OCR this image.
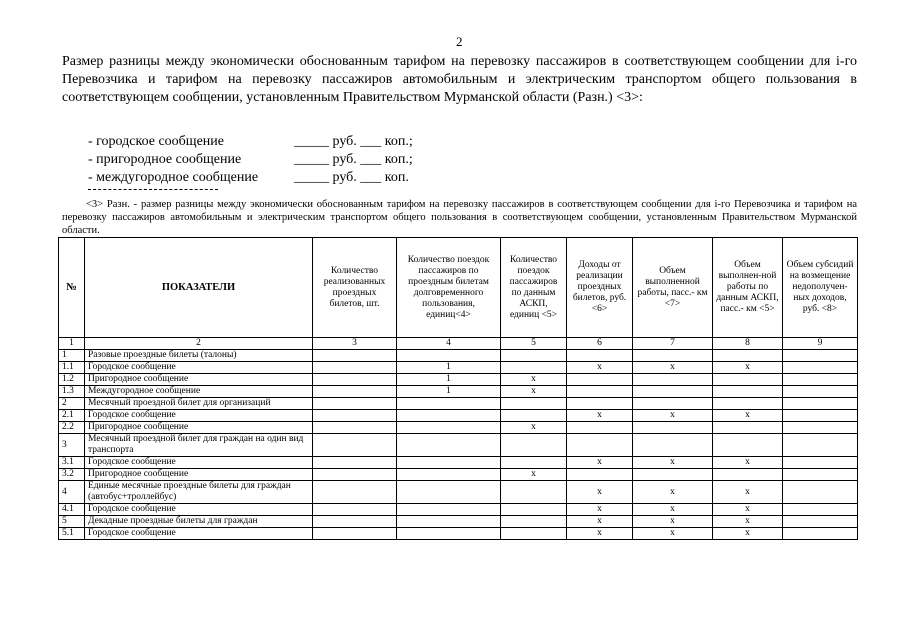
2
Размер разницы между экономически обоснованным тарифом на перевозку пассажиров в соответствующем сообщении для i-го Перевозчика и тарифом на перевозку пассажиров автомобильным и электрическим транспортом общего пользования в соответствующем сообщении, установленным Правительством Мурманской области (Разн.) <3>:
- городское сообщение	_____ руб. ___ коп.;
- пригородное сообщение	_____ руб. ___ коп.;
- междугородное сообщение	_____ руб. ___ коп.
<3> Разн. - размер разницы между экономически обоснованным тарифом на перевозку пассажиров в соответствующем сообщении для i-го Перевозчика и тарифом на перевозку пассажиров автомобильным и электрическим транспортом общего пользования в соответствующем сообщении, установленным Правительством Мурманской области.
№	ПОКАЗАТЕЛИ	Количество реализованных проездных билетов, шт.	Количество поездок пассажиров по проездным билетам долговременного пользования, единиц<4>	Количество поездок пассажиров по данным АСКП, единиц <5>	Доходы от реализации проездных билетов, руб. <6>	Объем выполненной работы, пасс.- км <7>	Объем выполнен-ной работы по данным АСКП, пасс.- км <5>	Объем субсидий на возмещение недополучен-ных доходов, руб. <8>
1	2	3	4	5	6	7	8	9
1	Разовые проездные билеты (талоны)							
1.1	Городское сообщение		1		х	х	х	
1.2	Пригородное сообщение		1	х				
1.3	Междугородное сообщение		1	х				
2	Месячный проездной билет для организаций							
2.1	Городское сообщение				х	х	х	
2.2	Пригородное сообщение			х				
3	Месячный проездной билет для граждан на один вид транспорта							
3.1	Городское сообщение				х	х	х	
3.2	Пригородное сообщение			х				
4	Единые месячные проездные билеты для граждан (автобус+троллейбус)				х	х	х	
4.1	Городское сообщение				х	х	х	
5	Декадные проездные билеты для граждан				х	х	х	
5.1	Городское сообщение				х	х	х	
